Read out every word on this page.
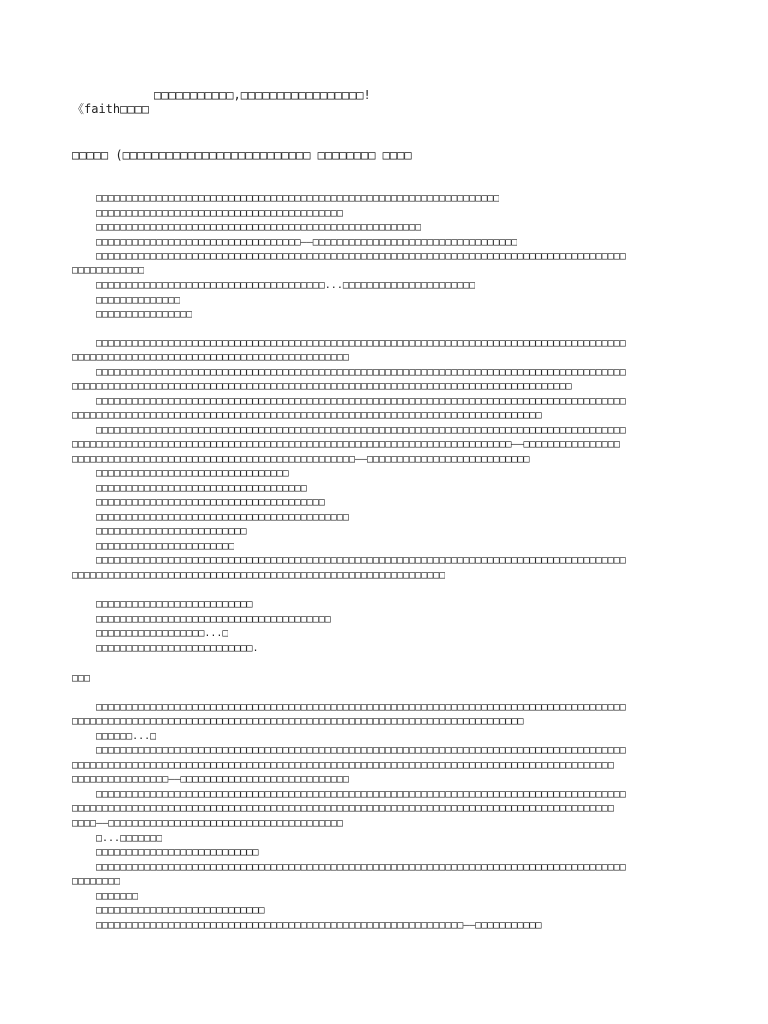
□□□□□□□□□□□,□□□□□□□□□□□□□□□□□!
《faith□□□□
□□□□□ (□□□□□□□□□□□□□□□□□□□□□□□□□□ □□□□□□□□ □□□□
□□□□□□□□□□□□□□□□□□□□□□□□□□□□□□□□□□□□□□□□□□□□□□□□□□□□□□□□□□□□□□□□□□□
□□□□□□□□□□□□□□□□□□□□□□□□□□□□□□□□□□□□□□□□□
□□□□□□□□□□□□□□□□□□□□□□□□□□□□□□□□□□□□□□□□□□□□□□□□□□□□□□
□□□□□□□□□□□□□□□□□□□□□□□□□□□□□□□□□□——□□□□□□□□□□□□□□□□□□□□□□□□□□□□□□□□□□
□□□□□□□□□□□□□□□□□□□□□□□□□□□□□□□□□□□□□□□□□□□□□□□□□□□□□□□□□□□□□□□□□□□□□□□□□□□□□□□□□□□□□□□□
□□□□□□□□□□□□
□□□□□□□□□□□□□□□□□□□□□□□□□□□□□□□□□□□□□□...□□□□□□□□□□□□□□□□□□□□□□
□□□□□□□□□□□□□□
□□□□□□□□□□□□□□□□
□□□□□□□□□□□□□□□□□□□□□□□□□□□□□□□□□□□□□□□□□□□□□□□□□□□□□□□□□□□□□□□□□□□□□□□□□□□□□□□□□□□□□□□□
□□□□□□□□□□□□□□□□□□□□□□□□□□□□□□□□□□□□□□□□□□□□□□
□□□□□□□□□□□□□□□□□□□□□□□□□□□□□□□□□□□□□□□□□□□□□□□□□□□□□□□□□□□□□□□□□□□□□□□□□□□□□□□□□□□□□□□□
□□□□□□□□□□□□□□□□□□□□□□□□□□□□□□□□□□□□□□□□□□□□□□□□□□□□□□□□□□□□□□□□□□□□□□□□□□□□□□□□□□□
□□□□□□□□□□□□□□□□□□□□□□□□□□□□□□□□□□□□□□□□□□□□□□□□□□□□□□□□□□□□□□□□□□□□□□□□□□□□□□□□□□□□□□□□
□□□□□□□□□□□□□□□□□□□□□□□□□□□□□□□□□□□□□□□□□□□□□□□□□□□□□□□□□□□□□□□□□□□□□□□□□□□□□□
□□□□□□□□□□□□□□□□□□□□□□□□□□□□□□□□□□□□□□□□□□□□□□□□□□□□□□□□□□□□□□□□□□□□□□□□□□□□□□□□□□□□□□□□
□□□□□□□□□□□□□□□□□□□□□□□□□□□□□□□□□□□□□□□□□□□□□□□□□□□□□□□□□□□□□□□□□□□□□□□□□——□□□□□□□□□□□□□□□□
□□□□□□□□□□□□□□□□□□□□□□□□□□□□□□□□□□□□□□□□□□□□□□□——□□□□□□□□□□□□□□□□□□□□□□□□□□□
□□□□□□□□□□□□□□□□□□□□□□□□□□□□□□□□
□□□□□□□□□□□□□□□□□□□□□□□□□□□□□□□□□□□
□□□□□□□□□□□□□□□□□□□□□□□□□□□□□□□□□□□□□□
□□□□□□□□□□□□□□□□□□□□□□□□□□□□□□□□□□□□□□□□□□
□□□□□□□□□□□□□□□□□□□□□□□□□
□□□□□□□□□□□□□□□□□□□□□□□
□□□□□□□□□□□□□□□□□□□□□□□□□□□□□□□□□□□□□□□□□□□□□□□□□□□□□□□□□□□□□□□□□□□□□□□□□□□□□□□□□□□□□□□□
□□□□□□□□□□□□□□□□□□□□□□□□□□□□□□□□□□□□□□□□□□□□□□□□□□□□□□□□□□□□□□
□□□□□□□□□□□□□□□□□□□□□□□□□□
□□□□□□□□□□□□□□□□□□□□□□□□□□□□□□□□□□□□□□□
□□□□□□□□□□□□□□□□□□...□
□□□□□□□□□□□□□□□□□□□□□□□□□□.
□□□
□□□□□□□□□□□□□□□□□□□□□□□□□□□□□□□□□□□□□□□□□□□□□□□□□□□□□□□□□□□□□□□□□□□□□□□□□□□□□□□□□□□□□□□□
□□□□□□□□□□□□□□□□□□□□□□□□□□□□□□□□□□□□□□□□□□□□□□□□□□□□□□□□□□□□□□□□□□□□□□□□□□□
□□□□□□...□
□□□□□□□□□□□□□□□□□□□□□□□□□□□□□□□□□□□□□□□□□□□□□□□□□□□□□□□□□□□□□□□□□□□□□□□□□□□□□□□□□□□□□□□□
□□□□□□□□□□□□□□□□□□□□□□□□□□□□□□□□□□□□□□□□□□□□□□□□□□□□□□□□□□□□□□□□□□□□□□□□□□□□□□□□□□□□□□□□□□
□□□□□□□□□□□□□□□□——□□□□□□□□□□□□□□□□□□□□□□□□□□□□
□□□□□□□□□□□□□□□□□□□□□□□□□□□□□□□□□□□□□□□□□□□□□□□□□□□□□□□□□□□□□□□□□□□□□□□□□□□□□□□□□□□□□□□□
□□□□□□□□□□□□□□□□□□□□□□□□□□□□□□□□□□□□□□□□□□□□□□□□□□□□□□□□□□□□□□□□□□□□□□□□□□□□□□□□□□□□□□□□□□
□□□□——□□□□□□□□□□□□□□□□□□□□□□□□□□□□□□□□□□□□□□□
□...□□□□□□□
□□□□□□□□□□□□□□□□□□□□□□□□□□□
□□□□□□□□□□□□□□□□□□□□□□□□□□□□□□□□□□□□□□□□□□□□□□□□□□□□□□□□□□□□□□□□□□□□□□□□□□□□□□□□□□□□□□□□
□□□□□□□□
□□□□□□□
□□□□□□□□□□□□□□□□□□□□□□□□□□□□
□□□□□□□□□□□□□□□□□□□□□□□□□□□□□□□□□□□□□□□□□□□□□□□□□□□□□□□□□□□□□——□□□□□□□□□□□
